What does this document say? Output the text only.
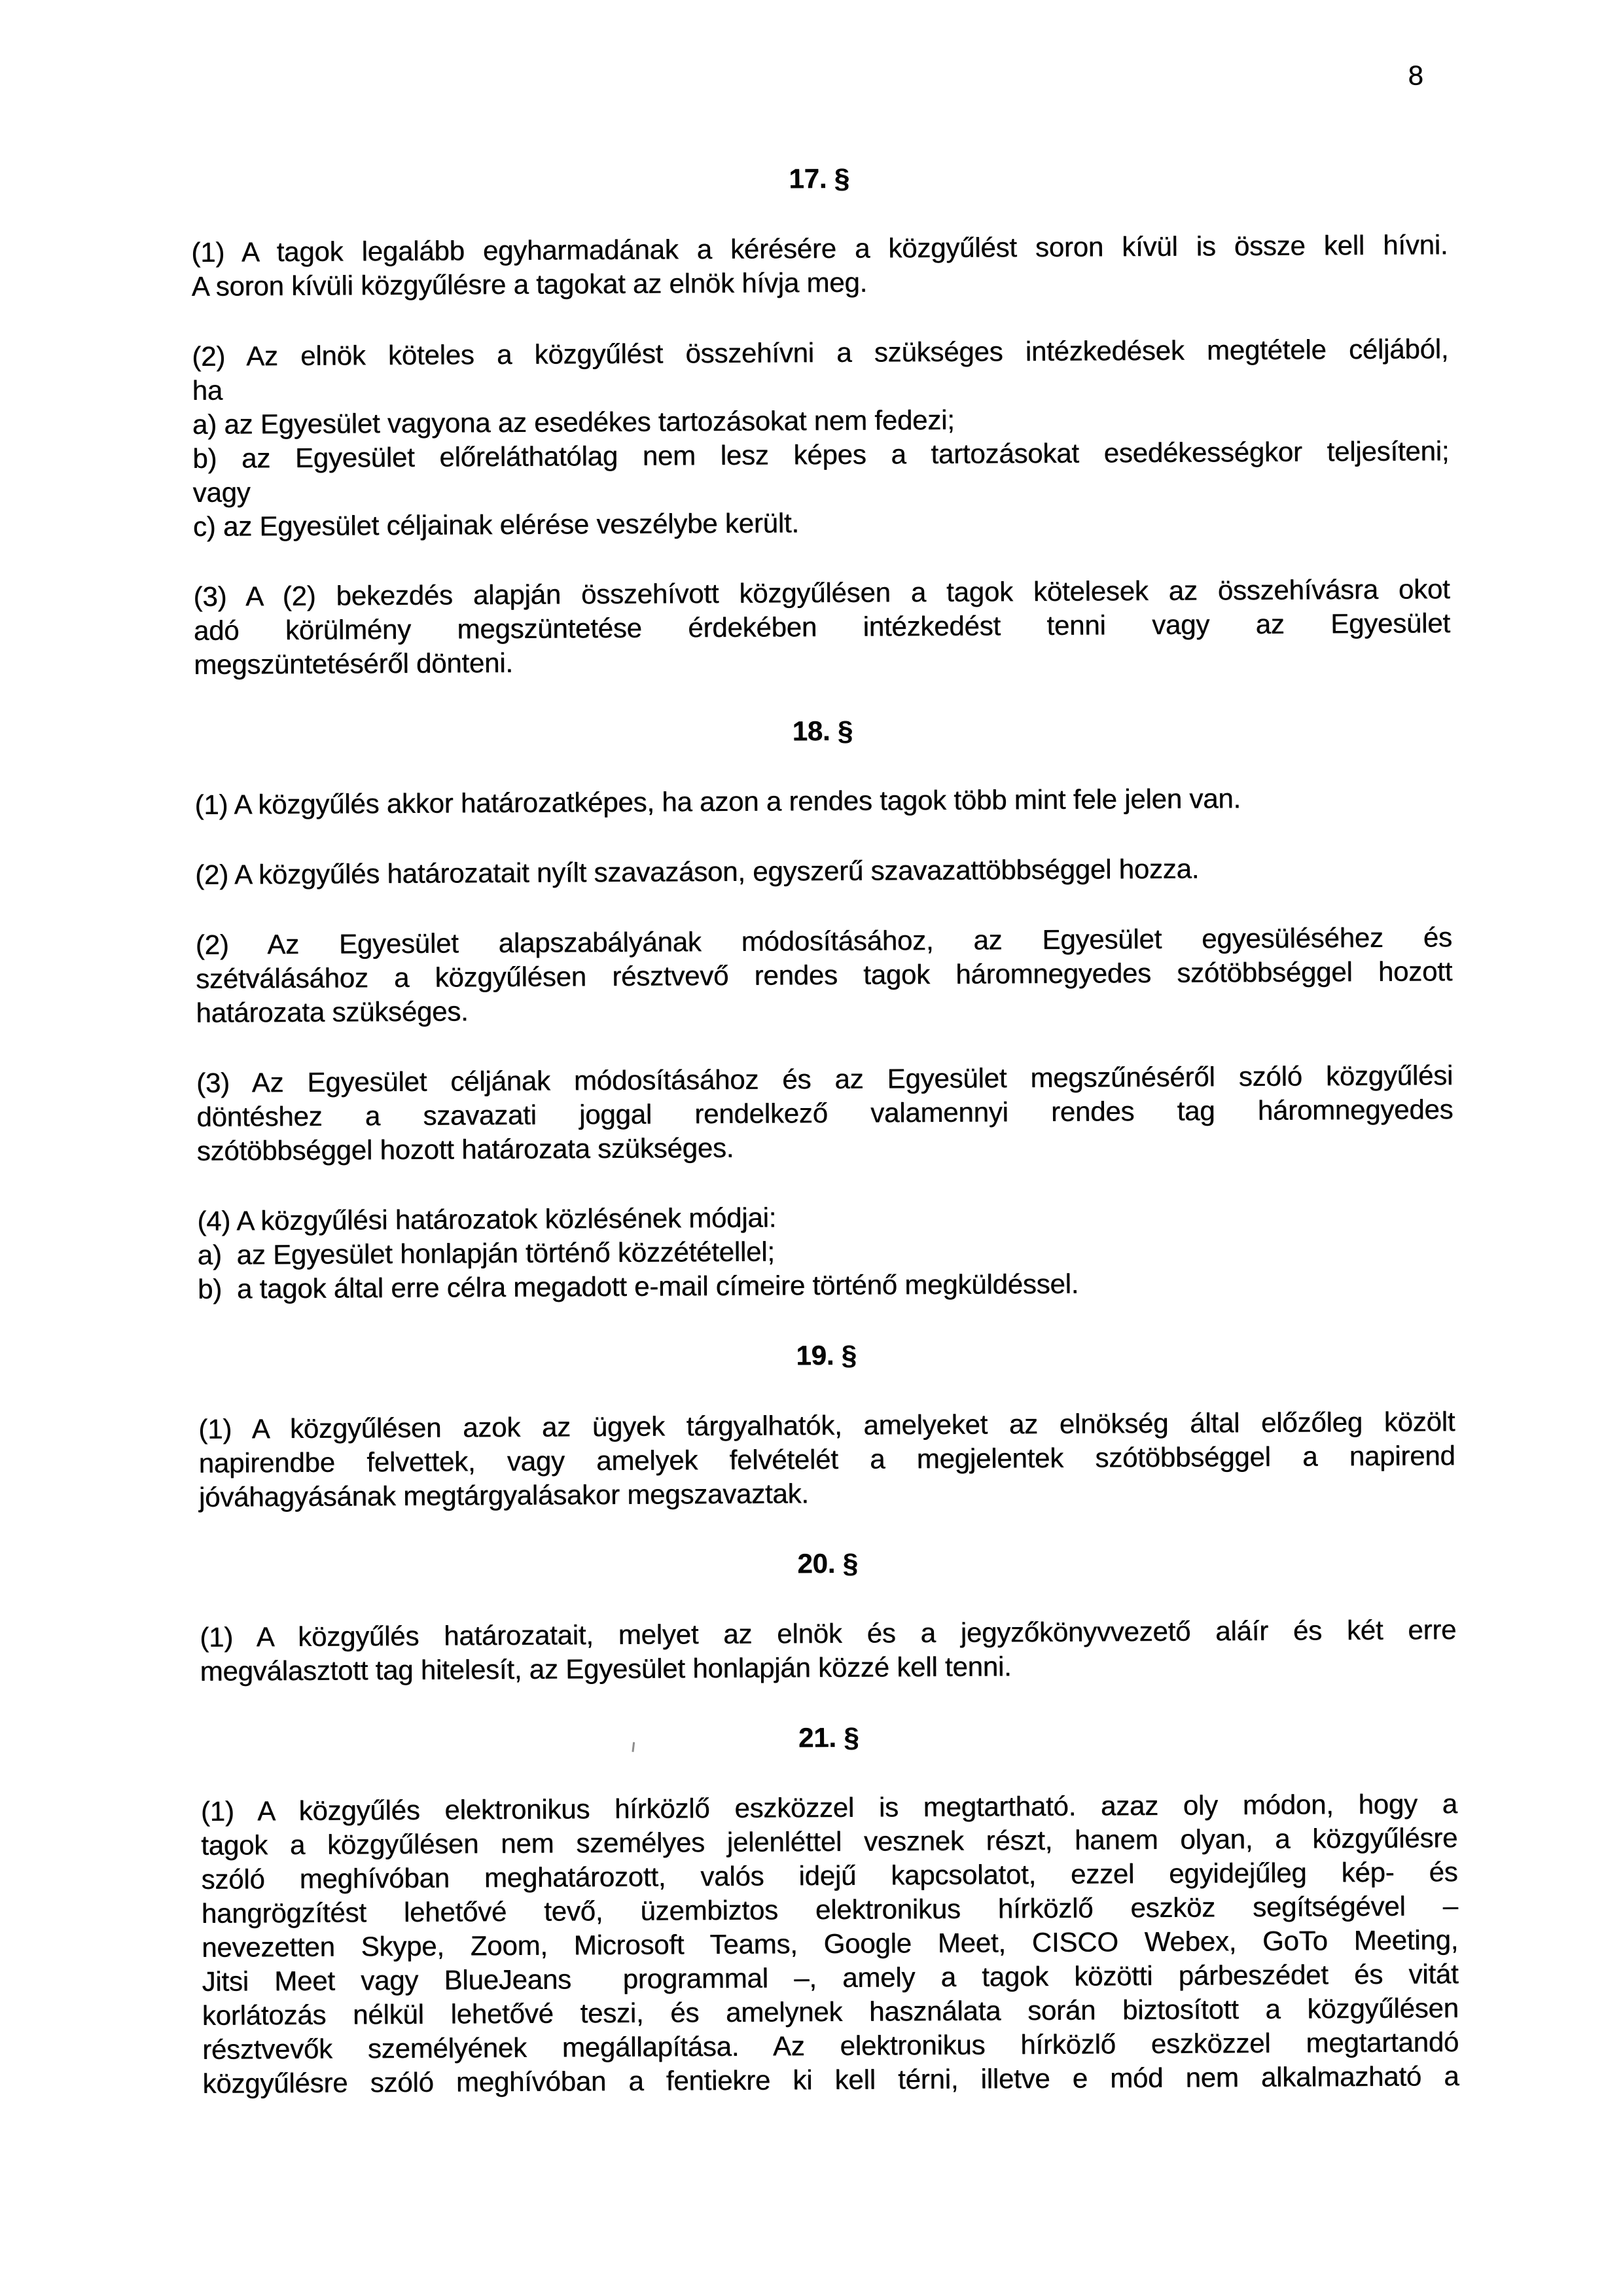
8
17. §
(1) A tagok legalább egyharmadának a kérésére a közgyűlést soron kívül is össze kell hívni.
A soron kívüli közgyűlésre a tagokat az elnök hívja meg.
(2) Az elnök köteles a közgyűlést összehívni a szükséges intézkedések megtétele céljából,
ha
a) az Egyesület vagyona az esedékes tartozásokat nem fedezi;
b) az Egyesület előreláthatólag nem lesz képes a tartozásokat esedékességkor teljesíteni;
vagy
c) az Egyesület céljainak elérése veszélybe került.
(3) A (2) bekezdés alapján összehívott közgyűlésen a tagok kötelesek az összehívásra okot
adó körülmény megszüntetése érdekében intézkedést tenni vagy az Egyesület
megszüntetéséről dönteni.
18. §
(1) A közgyűlés akkor határozatképes, ha azon a rendes tagok több mint fele jelen van.
(2) A közgyűlés határozatait nyílt szavazáson, egyszerű szavazattöbbséggel hozza.
(2) Az Egyesület alapszabályának módosításához, az Egyesület egyesüléséhez és
szétválásához a közgyűlésen résztvevő rendes tagok háromnegyedes szótöbbséggel hozott
határozata szükséges.
(3) Az Egyesület céljának módosításához és az Egyesület megszűnéséről szóló közgyűlési
döntéshez a szavazati joggal rendelkező valamennyi rendes tag háromnegyedes
szótöbbséggel hozott határozata szükséges.
(4) A közgyűlési határozatok közlésének módjai:
a)  az Egyesület honlapján történő közzététellel;
b)  a tagok által erre célra megadott e-mail címeire történő megküldéssel.
19. §
(1) A közgyűlésen azok az ügyek tárgyalhatók, amelyeket az elnökség által előzőleg közölt
napirendbe felvettek, vagy amelyek felvételét a megjelentek szótöbbséggel a napirend
jóváhagyásának megtárgyalásakor megszavaztak.
20. §
(1) A közgyűlés határozatait, melyet az elnök és a jegyzőkönyvvezető aláír és két erre
megválasztott tag hitelesít, az Egyesület honlapján közzé kell tenni.
21. §
(1) A közgyűlés elektronikus hírközlő eszközzel is megtartható. azaz oly módon, hogy a
tagok a közgyűlésen nem személyes jelenléttel vesznek részt, hanem olyan, a közgyűlésre
szóló meghívóban meghatározott, valós idejű kapcsolatot, ezzel egyidejűleg kép- és
hangrögzítést lehetővé tevő, üzembiztos elektronikus hírközlő eszköz segítségével –
nevezetten Skype, Zoom, Microsoft Teams, Google Meet, CISCO Webex, GoTo Meeting,
Jitsi Meet vagy BlueJeans  programmal –, amely a tagok közötti párbeszédet és vitát
korlátozás nélkül lehetővé teszi, és amelynek használata során biztosított a közgyűlésen
résztvevők személyének megállapítása. Az elektronikus hírközlő eszközzel megtartandó
közgyűlésre szóló meghívóban a fentiekre ki kell térni, illetve e mód nem alkalmazható a
